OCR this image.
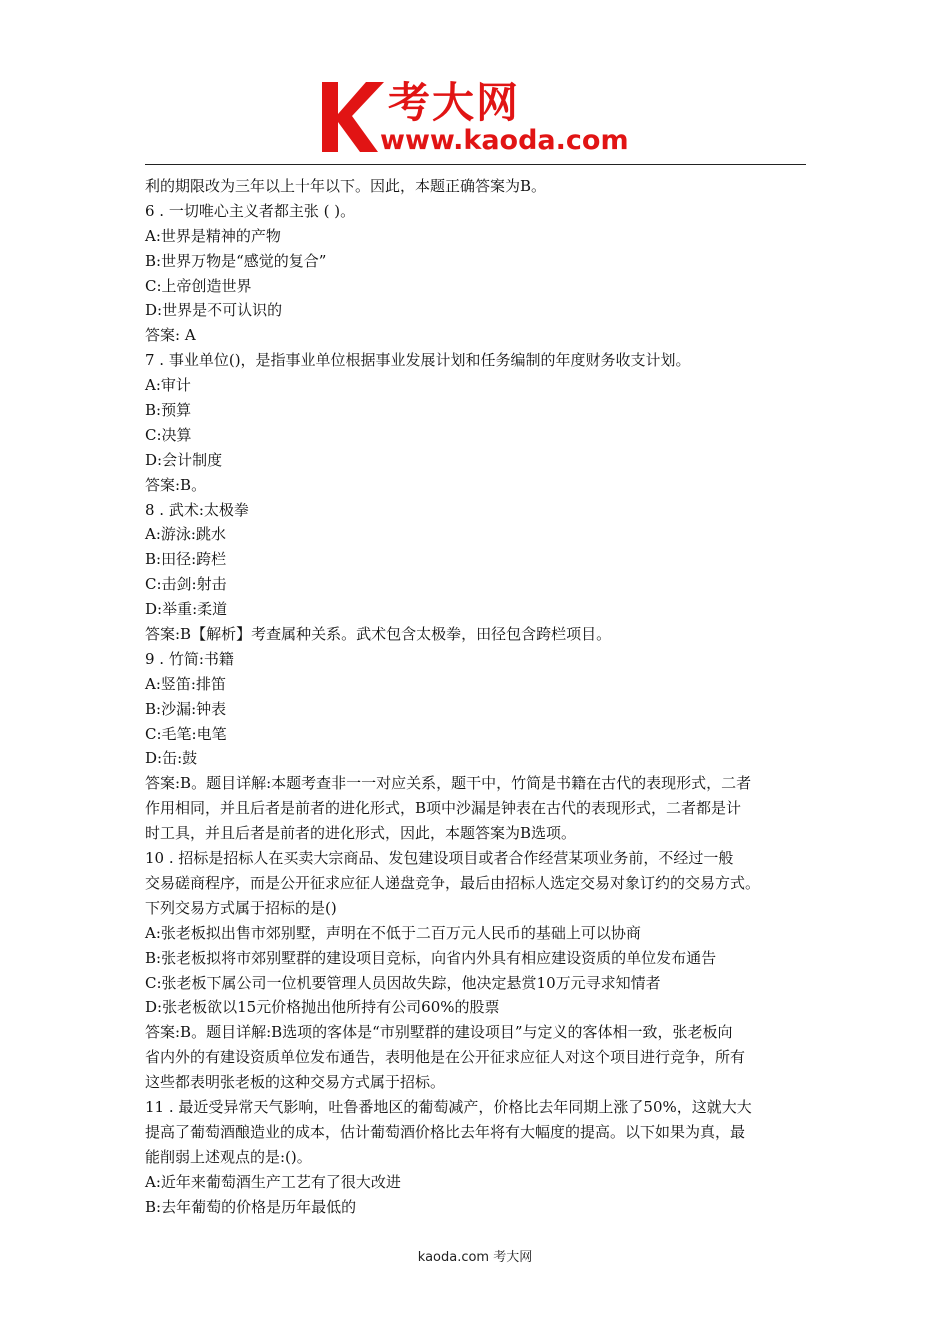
考大网
www.kaoda.com
利的期限改为三年以上十年以下。因此，本题正确答案为B。
6 . 一切唯心主义者都主张 ( )。
A:世界是精神的产物
B:世界万物是“感觉的复合”
C:上帝创造世界
D:世界是不可认识的
答案: A
7 . 事业单位()，是指事业单位根据事业发展计划和任务编制的年度财务收支计划。
A:审计
B:预算
C:决算
D:会计制度
答案:B。
8 . 武术:太极拳
A:游泳:跳水
B:田径:跨栏
C:击剑:射击
D:举重:柔道
答案:B【解析】考查属种关系。武术包含太极拳，田径包含跨栏项目。
9 . 竹简:书籍
A:竖笛:排笛
B:沙漏:钟表
C:毛笔:电笔
D:缶:鼓
答案:B。题目详解:本题考查非一一对应关系，题干中，竹简是书籍在古代的表现形式，二者
作用相同，并且后者是前者的进化形式，B项中沙漏是钟表在古代的表现形式，二者都是计
时工具，并且后者是前者的进化形式，因此，本题答案为B选项。
10 . 招标是招标人在买卖大宗商品、发包建设项目或者合作经营某项业务前，不经过一般
交易磋商程序，而是公开征求应征人递盘竞争，最后由招标人选定交易对象订约的交易方式。
下列交易方式属于招标的是()
A:张老板拟出售市郊别墅，声明在不低于二百万元人民币的基础上可以协商
B:张老板拟将市郊别墅群的建设项目竞标，向省内外具有相应建设资质的单位发布通告
C:张老板下属公司一位机要管理人员因故失踪，他决定悬赏10万元寻求知情者
D:张老板欲以15元价格抛出他所持有公司60%的股票
答案:B。题目详解:B选项的客体是“市别墅群的建设项目”与定义的客体相一致，张老板向
省内外的有建设资质单位发布通告，表明他是在公开征求应征人对这个项目进行竞争，所有
这些都表明张老板的这种交易方式属于招标。
11 . 最近受异常天气影响，吐鲁番地区的葡萄减产，价格比去年同期上涨了50%，这就大大
提高了葡萄酒酿造业的成本，估计葡萄酒价格比去年将有大幅度的提高。以下如果为真，最
能削弱上述观点的是:()。
A:近年来葡萄酒生产工艺有了很大改进
B:去年葡萄的价格是历年最低的
kaoda.com 考大网
